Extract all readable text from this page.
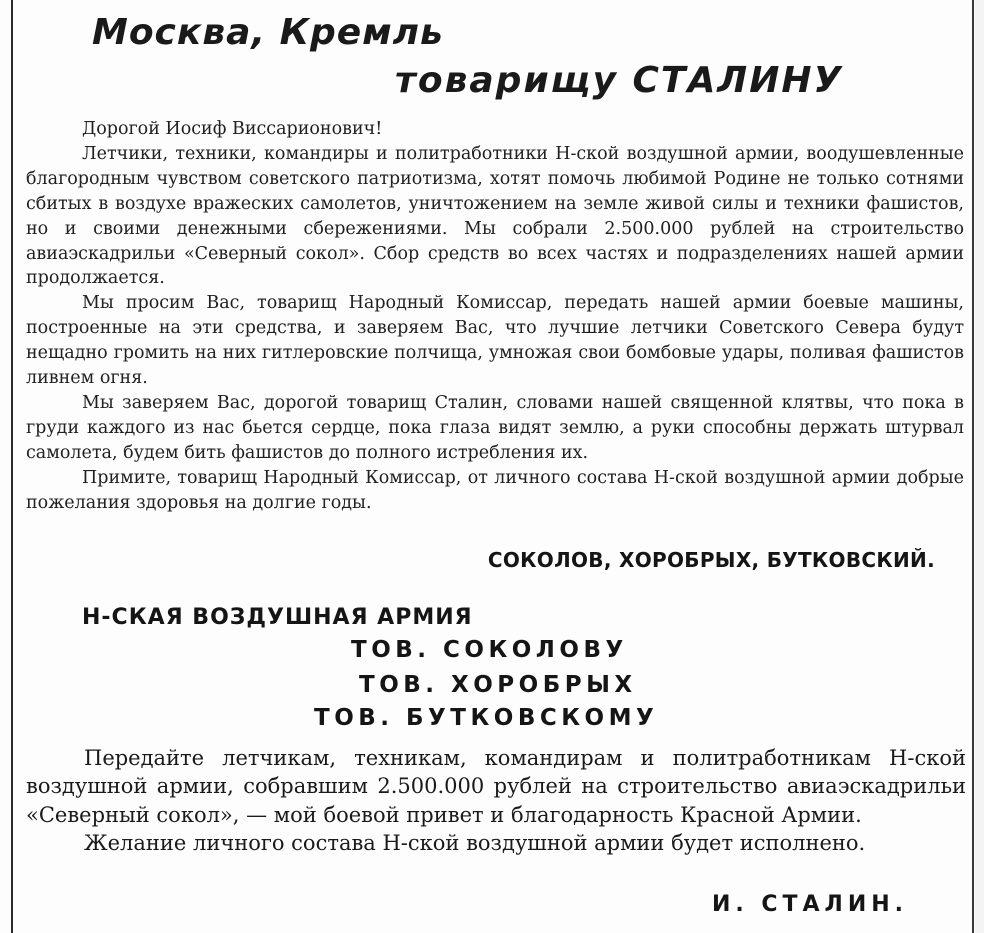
Москва, Кремль
товарищу СТАЛИНУ

Дорогой Иосиф Виссарионович!

Летчики, техники, командиры и политработники Н-ской воздушной армии, воодушевленные благородным чувством советского патриотизма, хотят помочь любимой Родине не только сотнями сбитых в воздухе вражеских самолетов, уничтожением на земле живой силы и техники фашистов, но и своими денежными сбережениями. Мы собрали 2.500.000 рублей на строительство авиаэскадрильи «Северный сокол». Сбор средств во всех частях и подразделениях нашей армии продолжается.

Мы просим Вас, товарищ Народный Комиссар, передать нашей армии боевые машины, построенные на эти средства, и заверяем Вас, что лучшие летчики Советского Севера будут нещадно громить на них гитлеровские полчища, умножая свои бомбовые удары, поливая фашистов ливнем огня.

Мы заверяем Вас, дорогой товарищ Сталин, словами нашей священной клятвы, что пока в груди каждого из нас бьется сердце, пока глаза видят землю, а руки способны держать штурвал самолета, будем бить фашистов до полного истребления их.

Примите, товарищ Народный Комиссар, от личного состава Н-ской воздушной армии добрые пожелания здоровья на долгие годы.

СОКОЛОВ, ХОРОБРЫХ, БУТКОВСКИЙ.

Н-СКАЯ ВОЗДУШНАЯ АРМИЯ
ТОВ. СОКОЛОВУ
ТОВ. ХОРОБРЫХ
ТОВ. БУТКОВСКОМУ

Передайте летчикам, техникам, командирам и политработникам Н-ской воздушной армии, собравшим 2.500.000 рублей на строительство авиаэскадрильи «Северный сокол», — мой боевой привет и благодарность Красной Армии.

Желание личного состава Н-ской воздушной армии будет исполнено.

И. СТАЛИН.
